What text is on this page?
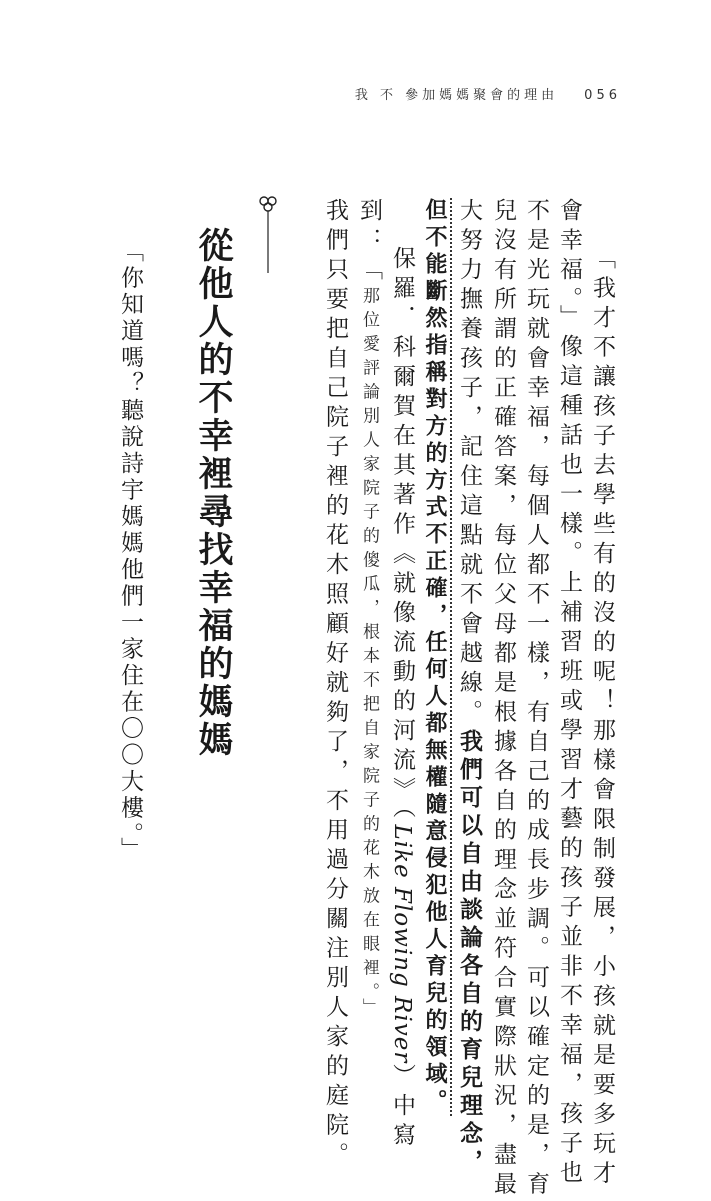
我 不 參加媽媽聚會的理由 056
「我才不讓孩子去學些有的沒的呢！那樣會限制發展，小孩就是要多玩才
會幸福。」像這種話也一樣。上補習班或學習才藝的孩子並非不幸福，孩子也
不是光玩就會幸福，每個人都不一樣，有自己的成長步調。可以確定的是，育
兒沒有所謂的正確答案，每位父母都是根據各自的理念並符合實際狀況，盡最
大努力撫養孩子，記住這點就不會越線。我們可以自由談論各自的育兒理念，
但不能斷然指稱對方的方式不正確，任何人都無權隨意侵犯他人育兒的領域。
保羅．科爾賀在其著作《就像流動的河流》（Like Flowing River）中寫
到：「那位愛評論別人家院子的傻瓜，根本不把自家院子的花木放在眼裡。」
我們只要把自己院子裡的花木照顧好就夠了，不用過分關注別人家的庭院。
從他人的不幸裡尋找幸福的媽媽
「你知道嗎？聽說詩宇媽媽他們一家住在〇〇大樓。」
